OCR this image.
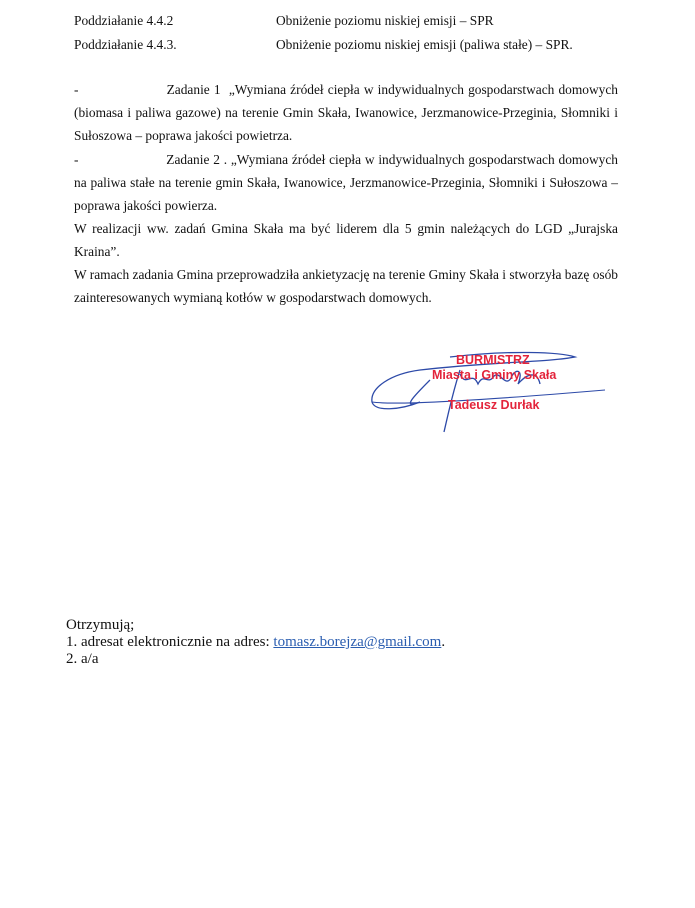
Poddziałanie 4.4.2	Obniżenie poziomu niskiej emisji – SPR
Poddziałanie 4.4.3.	Obniżenie poziomu niskiej emisji (paliwa stałe) – SPR.
-	Zadanie 1 „Wymiana źródeł ciepła w indywidualnych gospodarstwach domowych (biomasa i paliwa gazowe) na terenie Gmin Skała, Iwanowice, Jerzmanowice-Przeginia, Słomniki i Sułoszowa – poprawa jakości powietrza.
-	Zadanie 2 . „Wymiana źródeł ciepła w indywidualnych gospodarstwach domowych na paliwa stałe na terenie gmin Skała, Iwanowice, Jerzmanowice-Przeginia, Słomniki i Sułoszowa – poprawa jakości powierza.
W realizacji ww. zadań Gmina Skała ma być liderem dla 5 gmin należących do LGD „Jurajska Kraina”.
W ramach zadania Gmina przeprowadziła ankietyzację na terenie Gminy Skała i stworzyła bazę osób zainteresowanych wymianą kotłów w gospodarstwach domowych.
BURMISTRZ
Miasta i Gminy Skała
Tadeusz Durłak
Otrzymują;
1. adresat elektronicznie na adres: tomasz.borejza@gmail.com.
2. a/a
